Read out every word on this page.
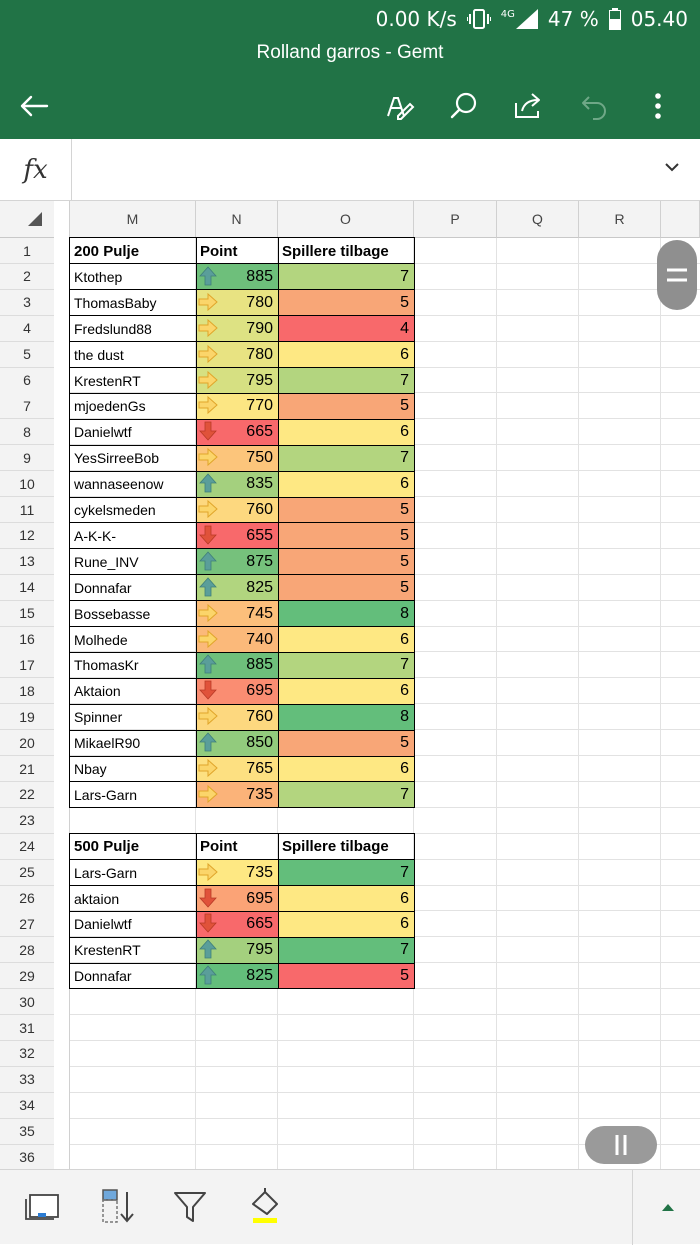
0.00 K/s	4G 47 % 05.40
Rolland garros - Gemt
fx
M	N	O	P	Q	R
1
2
3
4
5
6
7
8
9
10
11
12
13
14
15
16
17
18
19
20
21
22
23
24
25
26
27
28
29
30
31
32
33
34
35
36
200 Pulje	Point	Spillere tilbage
Ktothep	885	7
ThomasBaby	780	5
Fredslund88	790	4
the dust	780	6
KrestenRT	795	7
mjoedenGs	770	5
Danielwtf	665	6
YesSirreeBob	750	7
wannaseenow	835	6
cykelsmeden	760	5
A-K-K-	655	5
Rune_INV	875	5
Donnafar	825	5
Bossebasse	745	8
Molhede	740	6
ThomasKr	885	7
Aktaion	695	6
Spinner	760	8
MikaelR90	850	5
Nbay	765	6
Lars-Garn	735	7
500 Pulje	Point	Spillere tilbage
Lars-Garn	735	7
aktaion	695	6
Danielwtf	665	6
KrestenRT	795	7
Donnafar	825	5
